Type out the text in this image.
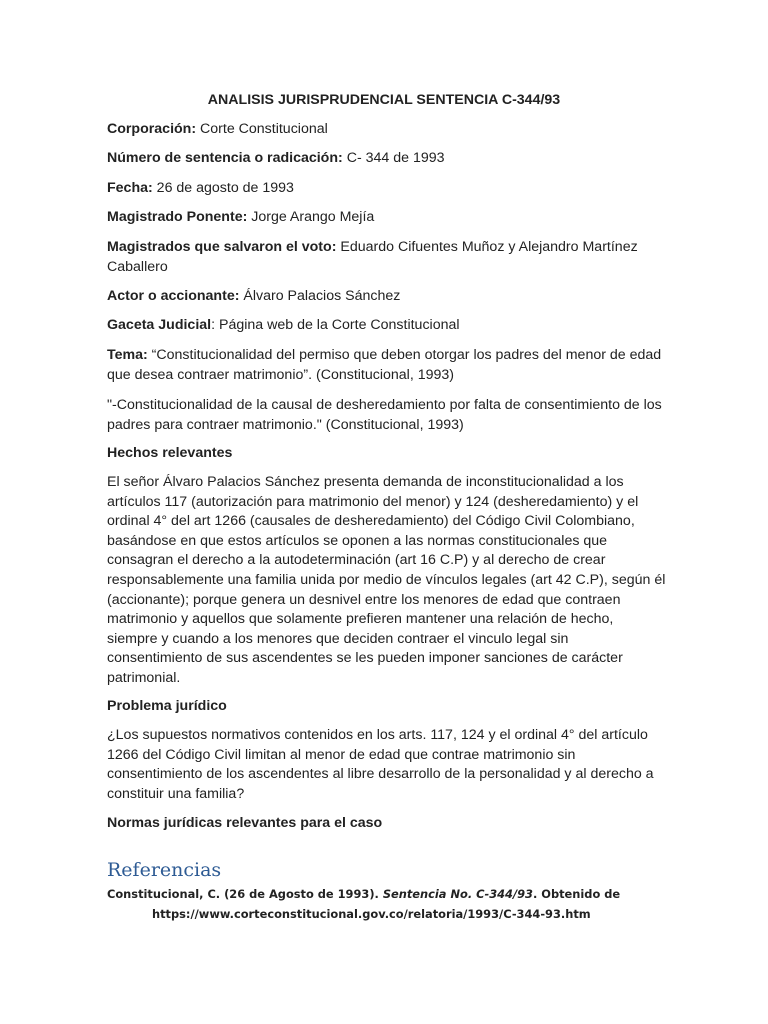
ANALISIS JURISPRUDENCIAL SENTENCIA C-344/93

Corporación: Corte Constitucional

Número de sentencia o radicación: C- 344 de 1993

Fecha: 26 de agosto de 1993

Magistrado Ponente: Jorge Arango Mejía

Magistrados que salvaron el voto: Eduardo Cifuentes Muñoz y Alejandro Martínez Caballero

Actor o accionante: Álvaro Palacios Sánchez

Gaceta Judicial: Página web de la Corte Constitucional

Tema: “Constitucionalidad del permiso que deben otorgar los padres del menor de edad que desea contraer matrimonio”. (Constitucional, 1993)

"-Constitucionalidad de la causal de desheredamiento por falta de consentimiento de los padres para contraer matrimonio." (Constitucional, 1993)

Hechos relevantes

El señor Álvaro Palacios Sánchez presenta demanda de inconstitucionalidad a los artículos 117 (autorización para matrimonio del menor) y 124 (desheredamiento) y el ordinal 4° del art 1266 (causales de desheredamiento) del Código Civil Colombiano, basándose en que estos artículos se oponen a las normas constitucionales que consagran el derecho a la autodeterminación (art 16 C.P) y al derecho de crear responsablemente una familia unida por medio de vínculos legales (art 42 C.P), según él (accionante); porque genera un desnivel entre los menores de edad que contraen matrimonio y aquellos que solamente prefieren mantener una relación de hecho, siempre y cuando a los menores que deciden contraer el vinculo legal sin consentimiento de sus ascendentes se les pueden imponer sanciones de carácter patrimonial.

Problema jurídico

¿Los supuestos normativos contenidos en los arts. 117, 124 y el ordinal 4° del artículo 1266 del Código Civil limitan al menor de edad que contrae matrimonio sin consentimiento de los ascendentes al libre desarrollo de la personalidad y al derecho a constituir una familia?

Normas jurídicas relevantes para el caso

Referencias
Constitucional, C. (26 de Agosto de 1993). Sentencia No. C-344/93. Obtenido de
https://www.corteconstitucional.gov.co/relatoria/1993/C-344-93.htm
